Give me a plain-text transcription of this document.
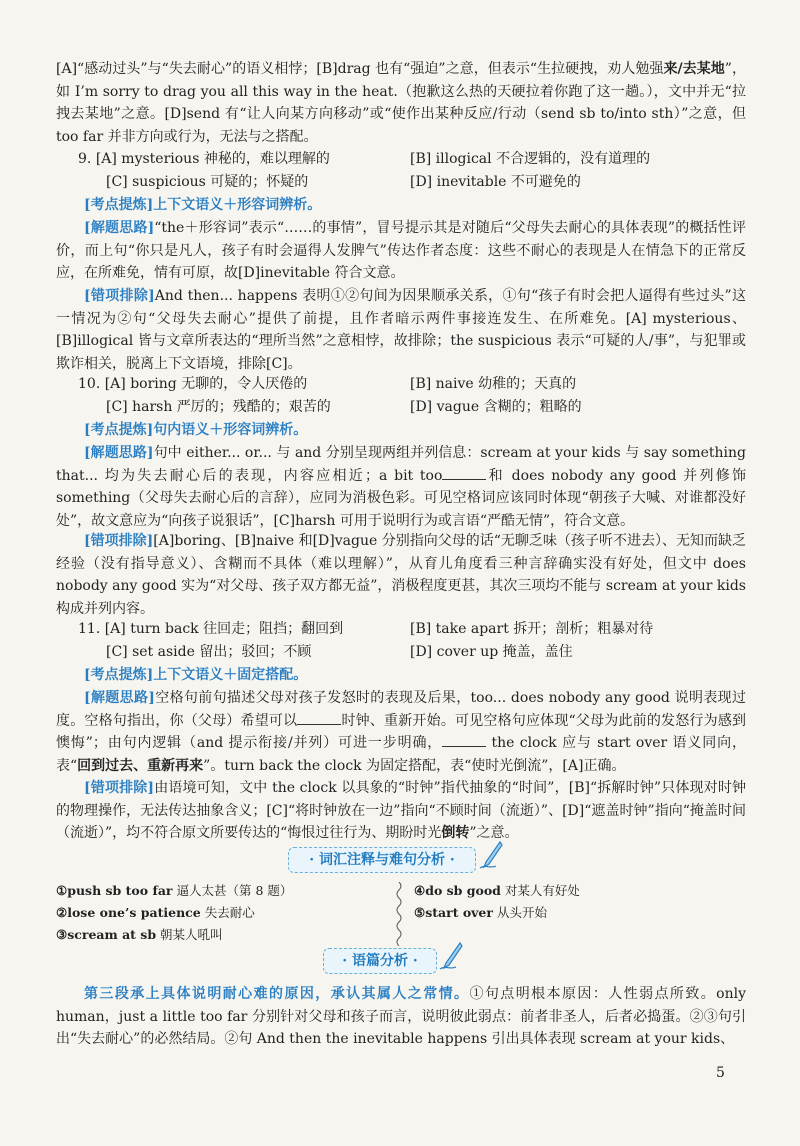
[A]“感动过头”与“失去耐心”的语义相悖；[B]drag 也有“强迫”之意，但表示“生拉硬拽，劝人勉强来/去某地”，如 I’m sorry to drag you all this way in the heat.（抱歉这么热的天硬拉着你跑了这一趟。），文中并无“拉拽去某地”之意。[D]send 有“让人向某方向移动”或“使作出某种反应/行动（send sb to/into sth）”之意，但 too far 并非方向或行为，无法与之搭配。
9. [A] mysterious 神秘的，难以理解的	[B] illogical 不合逻辑的，没有道理的
[C] suspicious 可疑的；怀疑的	[D] inevitable 不可避免的
[考点提炼]上下文语义＋形容词辨析。
[解题思路]“the＋形容词”表示“……的事情”，冒号提示其是对随后“父母失去耐心的具体表现”的概括性评价，而上句“你只是凡人，孩子有时会逼得人发脾气”传达作者态度：这些不耐心的表现是人在情急下的正常反应，在所难免，情有可原，故[D]inevitable 符合文意。
[错项排除]And then... happens 表明①②句间为因果顺承关系，①句“孩子有时会把人逼得有些过头”这一情况为②句“父母失去耐心”提供了前提，且作者暗示两件事接连发生、在所难免。[A] mysterious、[B]illogical 皆与文章所表达的“理所当然”之意相悖，故排除；the suspicious 表示“可疑的人/事”，与犯罪或欺诈相关，脱离上下文语境，排除[C]。
10. [A] boring 无聊的，令人厌倦的	[B] naive 幼稚的；天真的
[C] harsh 严厉的；残酷的；艰苦的	[D] vague 含糊的；粗略的
[考点提炼]句内语义＋形容词辨析。
[解题思路]句中 either... or... 与 and 分别呈现两组并列信息：scream at your kids 与 say something that... 均为失去耐心后的表现，内容应相近；a bit too	和 does nobody any good 并列修饰 something（父母失去耐心后的言辞），应同为消极色彩。可见空格词应该同时体现“朝孩子大喊、对谁都没好处”，故文意应为“向孩子说狠话”，[C]harsh 可用于说明行为或言语“严酷无情”，符合文意。
[错项排除][A]boring、[B]naive 和[D]vague 分别指向父母的话“无聊乏味（孩子听不进去）、无知而缺乏经验（没有指导意义）、含糊而不具体（难以理解）”，从育儿角度看三种言辞确实没有好处，但文中 does nobody any good 实为“对父母、孩子双方都无益”，消极程度更甚，其次三项均不能与 scream at your kids 构成并列内容。
11. [A] turn back 往回走；阻挡；翻回到	[B] take apart 拆开；剖析；粗暴对待
[C] set aside 留出；驳回；不顾	[D] cover up 掩盖，盖住
[考点提炼]上下文语义＋固定搭配。
[解题思路]空格句前句描述父母对孩子发怒时的表现及后果，too... does nobody any good 说明表现过度。空格句指出，你（父母）希望可以	时钟、重新开始。可见空格句应体现“父母为此前的发怒行为感到懊悔”；由句内逻辑（and 提示衔接/并列）可进一步明确，	the clock 应与 start over 语义同向，表“回到过去、重新再来”。turn back the clock 为固定搭配，表“使时光倒流”，[A]正确。
[错项排除]由语境可知，文中 the clock 以具象的“时钟”指代抽象的“时间”，[B]“拆解时钟”只体现对时钟的物理操作，无法传达抽象含义；[C]“将时钟放在一边”指向“不顾时间（流逝）”、[D]“遮盖时钟”指向“掩盖时间（流逝）”，均不符合原文所要传达的“悔恨过往行为、期盼时光倒转”之意。
· 词汇注释与难句分析 ·
①push sb too far 逼人太甚（第 8 题）
②lose one’s patience 失去耐心
③scream at sb 朝某人吼叫
④do sb good 对某人有好处
⑤start over 从头开始
· 语篇分析 ·
第三段承上具体说明耐心难的原因，承认其属人之常情。①句点明根本原因：人性弱点所致。only human，just a little too far 分别针对父母和孩子而言，说明彼此弱点：前者非圣人，后者必捣蛋。②③句引出“失去耐心”的必然结局。②句 And then the inevitable happens 引出具体表现 scream at your kids、
5
